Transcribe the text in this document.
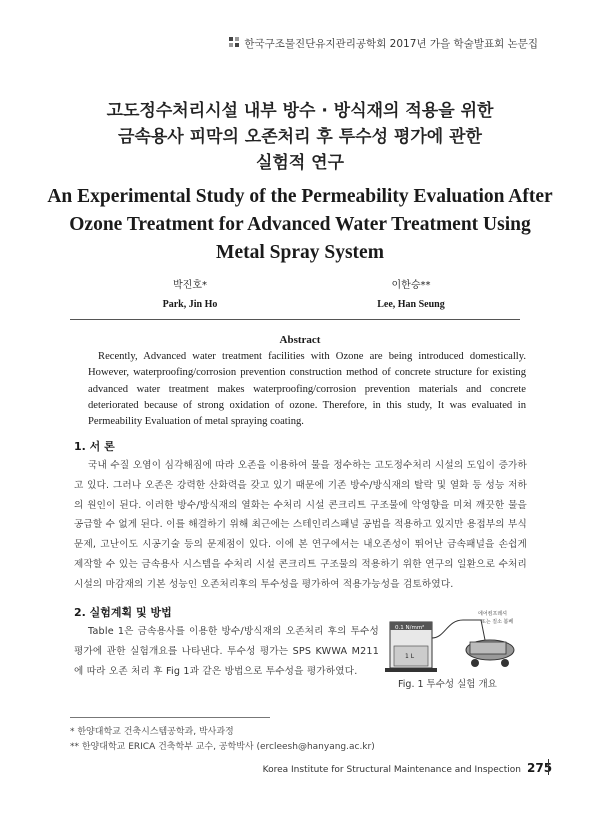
한국구조물진단유지관리공학회 2017년 가을 학술발표회 논문집
고도정수처리시설 내부 방수 · 방식재의 적용을 위한
금속용사 피막의 오존처리 후 투수성 평가에 관한
실험적 연구
An Experimental Study of the Permeability Evaluation After
Ozone Treatment for Advanced Water Treatment Using
Metal Spray System
박진호*
Park, Jin Ho
이한승**
Lee, Han Seung
Abstract
Recently, Advanced water treatment facilities with Ozone are being introduced domestically. However, waterproofing/corrosion prevention construction method of concrete structure for existing advanced water treatment makes waterproofing/corrosion prevention materials and concrete deteriorated because of strong oxidation of ozone. Therefore, in this study, It was evaluated in Permeability Evaluation of metal spraying coating.
1. 서 론
국내 수질 오염이 심각해짐에 따라 오존을 이용하여 물을 정수하는 고도정수처리 시설의 도입이 증가하고 있다. 그러나 오존은 강력한 산화력을 갖고 있기 때문에 기존 방수/방식재의 탈락 및 열화 등 성능 저하의 원인이 된다. 이러한 방수/방식재의 열화는 수처리 시설 콘크리트 구조물에 악영향을 미쳐 깨끗한 물을 공급할 수 없게 된다. 이를 해결하기 위해 최근에는 스테인리스패널 공법을 적용하고 있지만 용접부의 부식문제, 고난이도 시공기술 등의 문제점이 있다. 이에 본 연구에서는 내오존성이 뛰어난 금속패널을 손쉽게 제작할 수 있는 금속용사 시스템을 수처리 시설 콘크리트 구조물의 적용하기 위한 연구의 일환으로 수처리 시설의 마감재의 기본 성능인 오존처리후의 투수성을 평가하여 적용가능성을 검토하였다.
2. 실험계획 및 방법
Table 1은 금속용사를 이용한 방수/방식재의 오존처리 후의 투수성 평가에 관한 실험개요를 나타낸다. 투수성 평가는 SPS KWWA M211에 따라 오존 처리 후 Fig 1과 같은 방법으로 투수성을 평가하였다.
0.1 N/mm²
1 L
에어컴프레셔
또는 질소 봄베
Fig. 1 투수성 실험 개요
* 한양대학교 건축시스템공학과, 박사과정
** 한양대학교 ERICA 건축학부 교수, 공학박사 (ercleesh@hanyang.ac.kr)
Korea Institute for Structural Maintenance and Inspection 275
